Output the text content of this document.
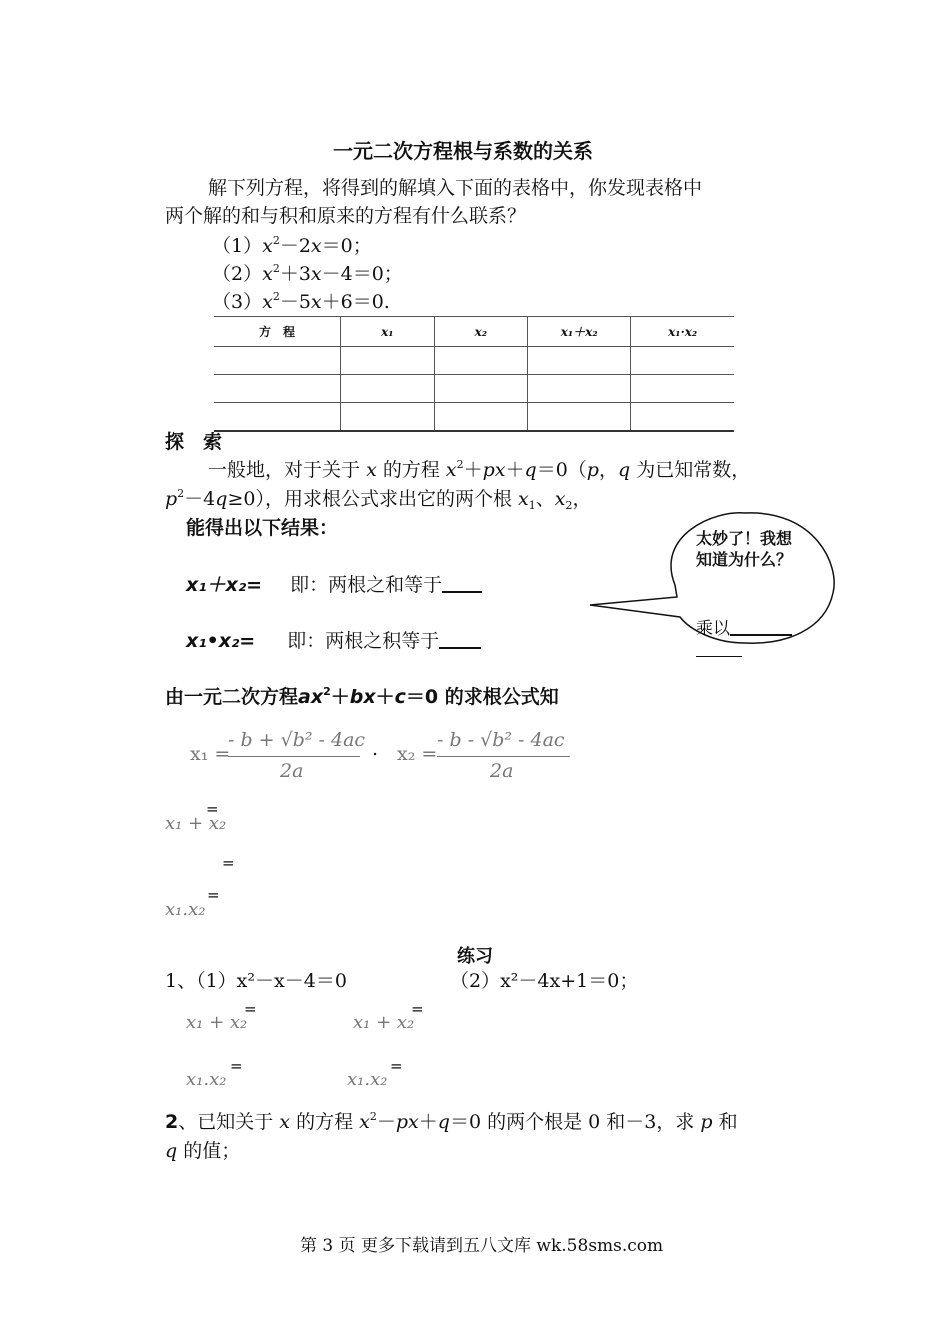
一元二次方程根与系数的关系
解下列方程，将得到的解填入下面的表格中，你发现表格中
两个解的和与积和原来的方程有什么联系？
$(1)x^2-2x=0$；
$(2)x^2+3x-4=0$；
$(3)x^2-5x+6=0$.
方　程	x₁	x₂	x₁＋x₂	x₁·x₂

探　索
一般地，对于关于 x 的方程 $x^2+px+q=0(p$，q 为已知常数，
$p^2-4q\ge 0$），用求根公式求出它的两个根 $x_1$、$x_2$，
能得出以下结果：
x₁＋x₂= 即：两根之和等于
x₁•x₂= 即：两根之积等于
太妙了！我想知道为什么？
乘以
由一元二次方程$ax^2+bx+c=0$ 的求根公式知
x₁ =
- b + √b² - 4ac
2a
. x₂ =
- b - √b² - 4ac
2a
=
x₁ + x₂
=
=
x₁.x₂
练习
1、（1）x²－x－4＝0	（2）x²－4x+1＝0；
=
x₁ + x₂
=
x₁ + x₂
=
x₁.x₂
=
x₁.x₂
2、已知关于 x 的方程 $x^2-px+q=0$ 的两个根是 0 和－3，求 p 和
q 的值；
第 3 页 更多下载请到五八文库 wk.58sms.com
